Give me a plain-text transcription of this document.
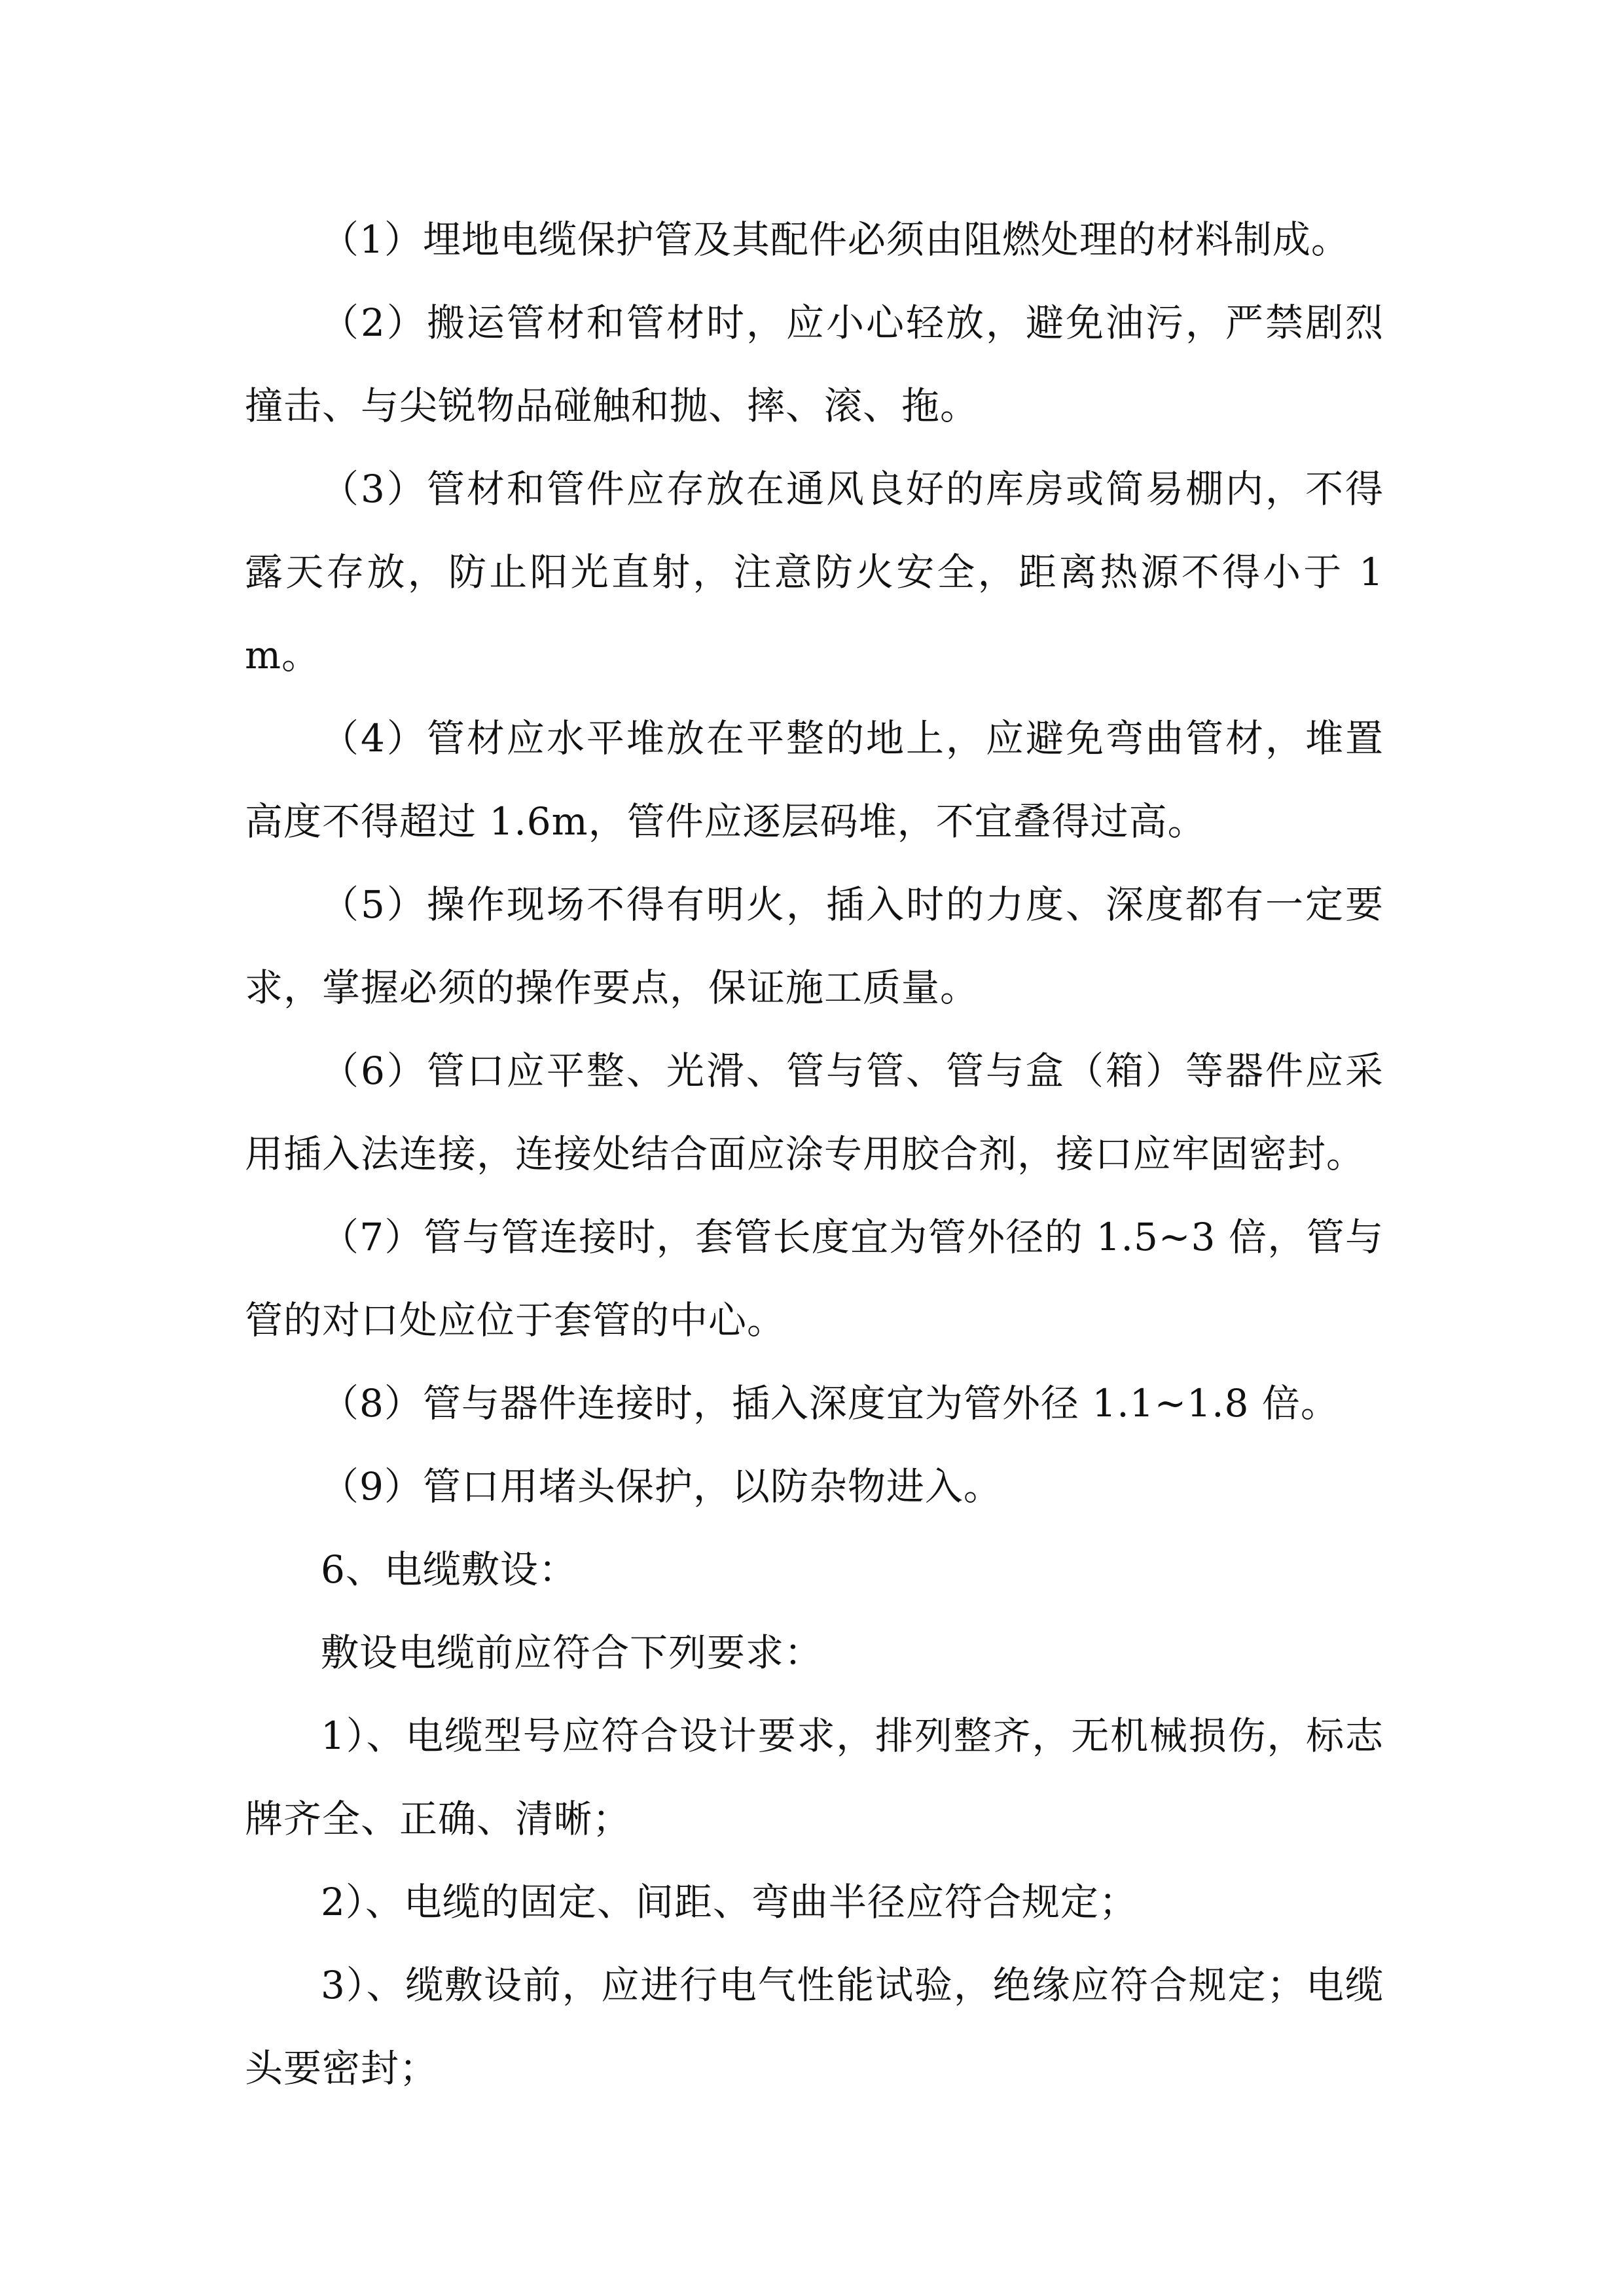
（1）埋地电缆保护管及其配件必须由阻燃处理的材料制成。

（2）搬运管材和管材时，应小心轻放，避免油污，严禁剧烈撞击、与尖锐物品碰触和抛、摔、滚、拖。

（3）管材和管件应存放在通风良好的库房或简易棚内，不得露天存放，防止阳光直射，注意防火安全，距离热源不得小于 1m。

（4）管材应水平堆放在平整的地上，应避免弯曲管材，堆置高度不得超过 1.6m，管件应逐层码堆，不宜叠得过高。

（5）操作现场不得有明火，插入时的力度、深度都有一定要求，掌握必须的操作要点，保证施工质量。

（6）管口应平整、光滑、管与管、管与盒（箱）等器件应采用插入法连接，连接处结合面应涂专用胶合剂，接口应牢固密封。

（7）管与管连接时，套管长度宜为管外径的 1.5~3 倍，管与管的对口处应位于套管的中心。

（8）管与器件连接时，插入深度宜为管外径 1.1~1.8 倍。

（9）管口用堵头保护，以防杂物进入。

6、电缆敷设：

敷设电缆前应符合下列要求：

1）、电缆型号应符合设计要求，排列整齐，无机械损伤，标志牌齐全、正确、清晰；

2）、电缆的固定、间距、弯曲半径应符合规定；

3）、缆敷设前，应进行电气性能试验，绝缘应符合规定；电缆头要密封；
